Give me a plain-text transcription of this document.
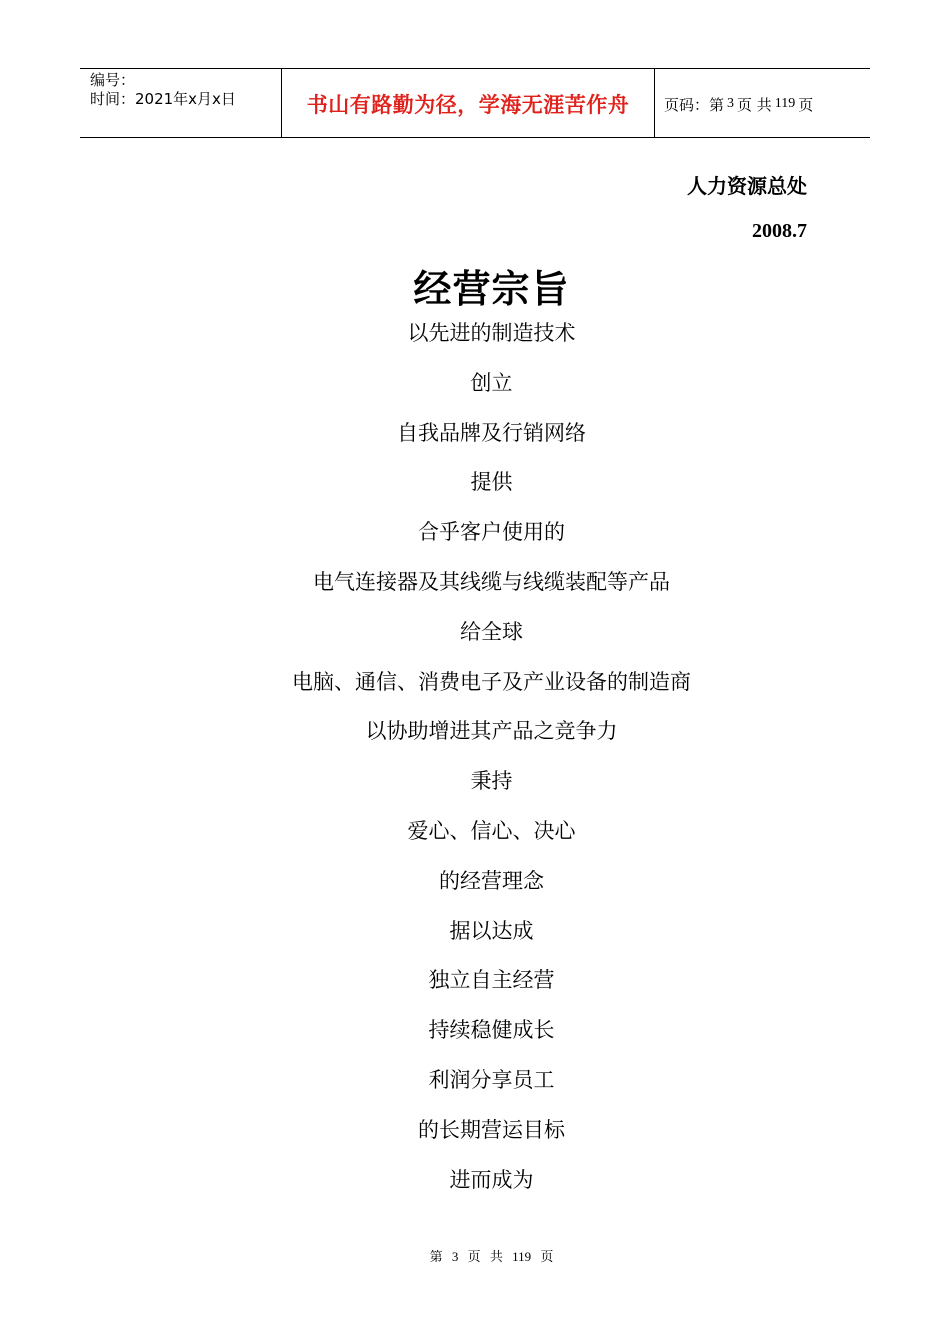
编号：
时间：2021年x月x日	书山有路勤为径，学海无涯苦作舟 页码：第 3 页 共 119 页
人力资源总处
2008.7
经营宗旨
以先进的制造技术
创立
自我品牌及行销网络
提供
合乎客户使用的
电气连接器及其线缆与线缆装配等产品
给全球
电脑、通信、消费电子及产业设备的制造商
以协助增进其产品之竞争力
秉持
爱心、信心、决心
的经营理念
据以达成
独立自主经营
持续稳健成长
利润分享员工
的长期营运目标
进而成为
第 3 页 共 119 页
